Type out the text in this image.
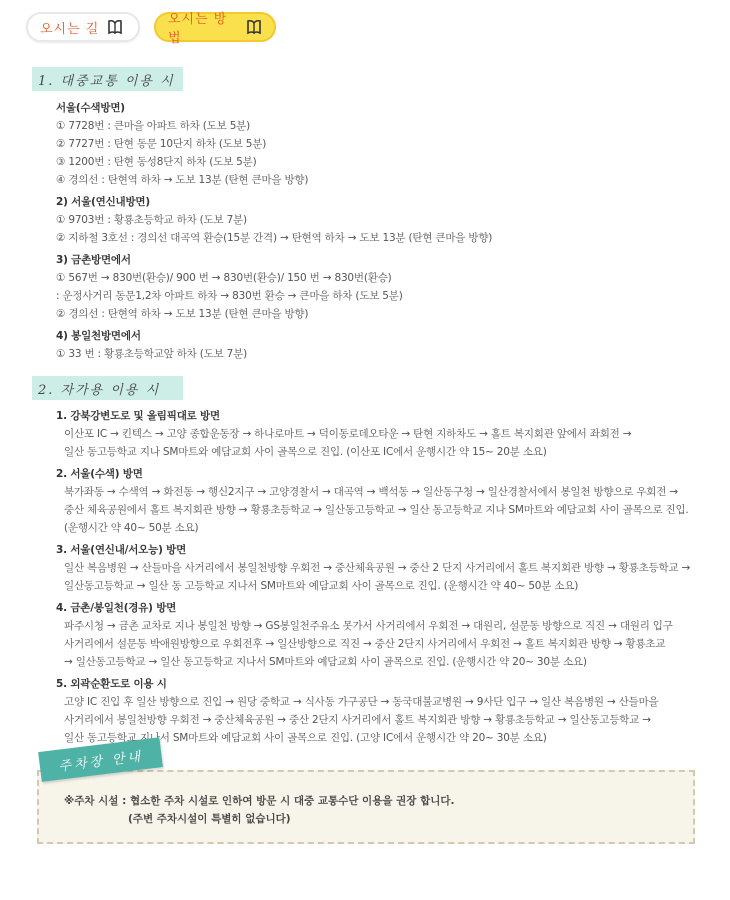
오시는 길
오시는 방법
1. 대중교통 이용 시
서울(수색방면)
① 7728번 : 큰마을 아파트 하차 (도보 5분)
② 7727번 : 탄현 동문 10단지 하차 (도보 5분)
③ 1200번 : 탄현 동성8단지 하차 (도보 5분)
④ 경의선 : 탄현역 하차 → 도보 13분 (탄현 큰마을 방향)
2) 서울(연신내방면)
① 9703번 : 황룡초등학교 하차 (도보 7분)
② 지하철 3호선 : 경의선 대곡역 환승(15분 간격) → 탄현역 하차 → 도보 13분 (탄현 큰마을 방향)
3) 금촌방면에서
① 567번 → 830번(환승)/ 900 번 → 830번(환승)/ 150 번 → 830번(환승)
: 운정사거리 동문1,2차 아파트 하차 → 830번 환승 → 큰마을 하차 (도보 5분)
② 경의선 : 탄현역 하차 → 도보 13분 (탄현 큰마을 방향)
4) 봉일천방면에서
① 33 번 : 황룡초등학교앞 하차 (도보 7분)
2. 자가용 이용 시
1. 강북강변도로 및 올림픽대로 방면
이산포 IC → 킨텍스 → 고양 종합운동장 → 하나로마트 → 덕이동로데오타운 → 탄현 지하차도 → 홀트 복지회관 앞에서 좌회전 →
일산 동고등학교 지나 SM마트와 예담교회 사이 골목으로 진입. (이산포 IC에서 운행시간 약 15~ 20분 소요)
2. 서울(수색) 방면
북가좌동 → 수색역 → 화전동 → 행신2지구 → 고양경찰서 → 대곡역 → 백석동 → 일산동구청 → 일산경찰서에서 봉일천 방향으로 우회전 →
중산 체육공원에서 홀트 복지회관 방향 → 황룡초등학교 → 일산동고등학교 → 일산 동고등학교 지나 SM마트와 예담교회 사이 골목으로 진입.
(운행시간 약 40~ 50분 소요)
3. 서울(연신내/서오능) 방면
일산 복음병원 → 산들마을 사거리에서 봉일천방향 우회전 → 중산체육공원 → 중산 2 단지 사거리에서 홀트 복지회관 방향 → 황룡초등학교 →
일산동고등학교 → 일산 동 고등학교 지나서 SM마트와 예담교회 사이 골목으로 진입. (운행시간 약 40~ 50분 소요)
4. 금촌/봉일천(경유) 방면
파주시청 → 금촌 교차로 지나 봉일천 방향 → GS봉일천주유소 못가서 사거리에서 우회전 → 대원리, 설문동 방향으로 직진 → 대원리 입구
사거리에서 설문동 박애원방향으로 우회전후 → 일산방향으로 직진 → 중산 2단지 사거리에서 우회전 → 홀트 복지회관 방향 → 황룡초교
→ 일산동고등학교 → 일산 동고등학교 지나서 SM마트와 예담교회 사이 골목으로 진입. (운행시간 약 20~ 30분 소요)
5. 외곽순환도로 이용 시
고양 IC 진입 후 일산 방향으로 진입 → 원당 중학교 → 식사동 가구공단 → 동국대불교병원 → 9사단 입구 → 일산 복음병원 → 산들마을
사거리에서 봉일천방향 우회전 → 중산체육공원 → 중산 2단지 사거리에서 홀트 복지회관 방향 → 황룡초등학교 → 일산동고등학교 →
일산 동고등학교 지나서 SM마트와 예담교회 사이 골목으로 진입. (고양 IC에서 운행시간 약 20~ 30분 소요)
주차장 안내
※주차 시설 : 협소한 주차 시설로 인하여 방문 시 대중 교통수단 이용을 권장 합니다.
(주변 주차시설이 특별히 없습니다)
